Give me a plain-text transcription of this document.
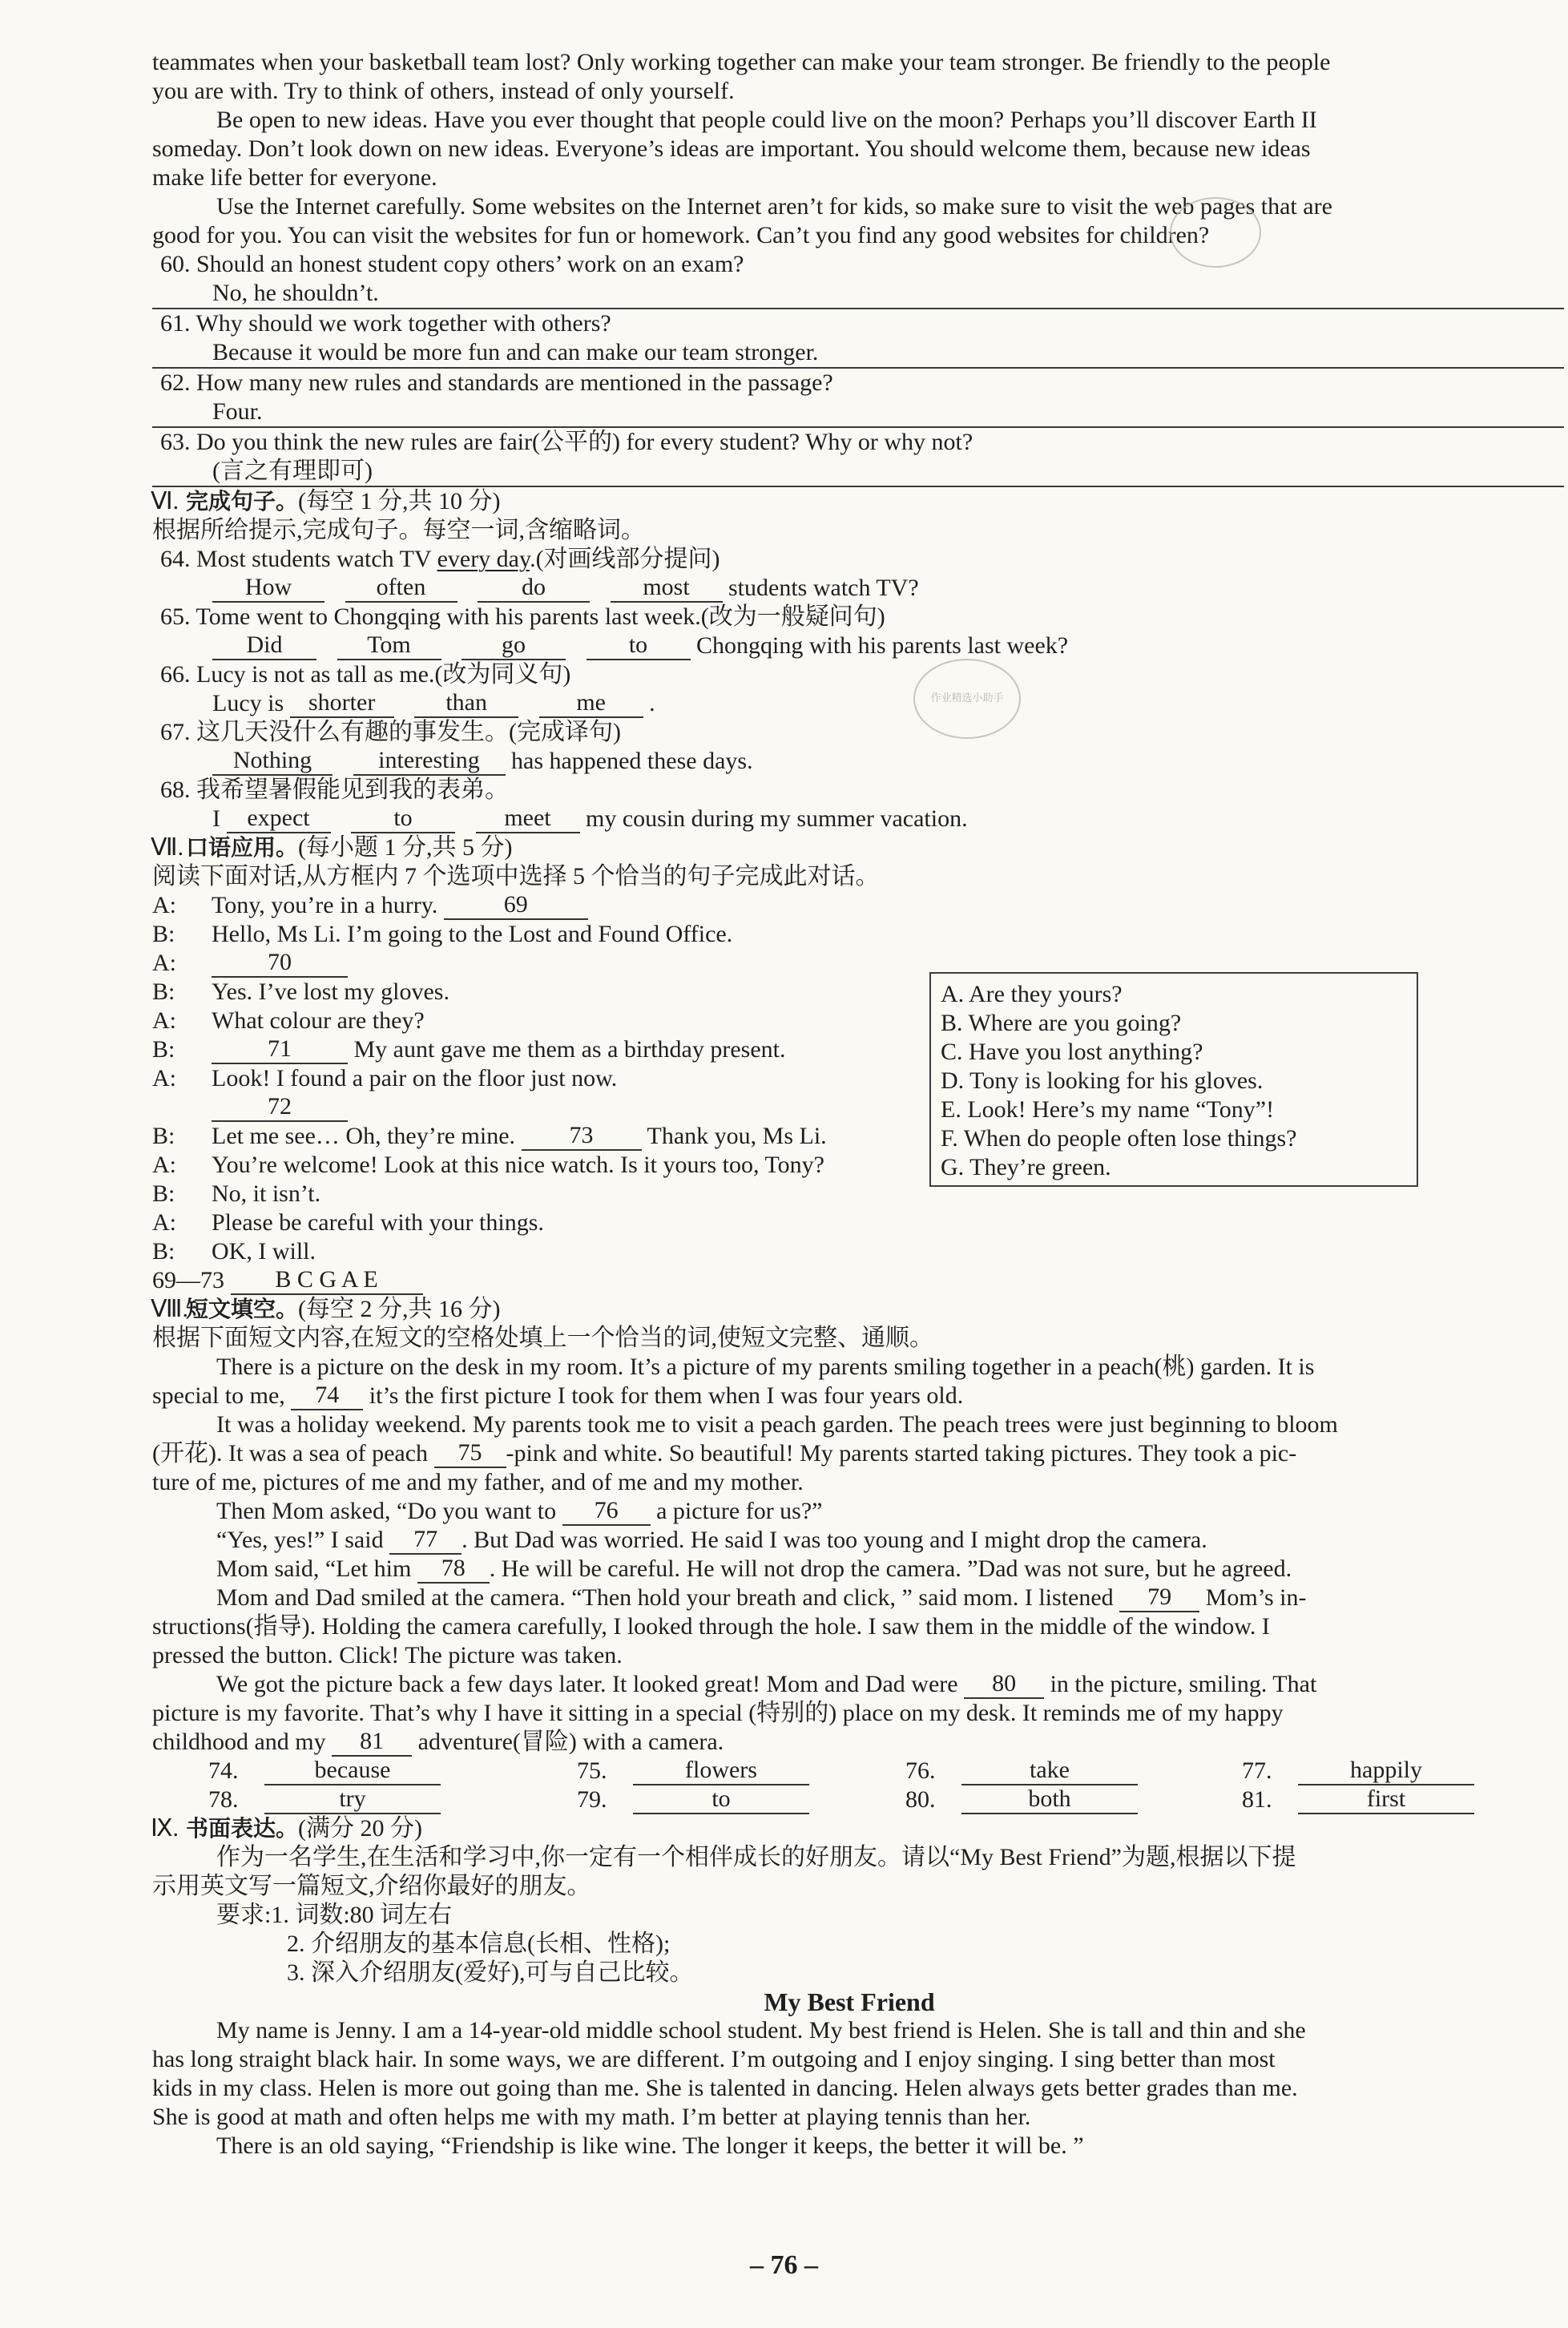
teammates when your basketball team lost? Only working together can make your team stronger. Be friendly to the people
you are with. Try to think of others, instead of only yourself.
Be open to new ideas. Have you ever thought that people could live on the moon? Perhaps you’ll discover Earth II
someday. Don’t look down on new ideas. Everyone’s ideas are important. You should welcome them, because new ideas
make life better for everyone.
Use the Internet carefully. Some websites on the Internet aren’t for kids, so make sure to visit the web pages that are
good for you. You can visit the websites for fun or homework. Can’t you find any good websites for children?
60. Should an honest student copy others’ work on an exam?
No, he shouldn’t.
61. Why should we work together with others?
Because it would be more fun and can make our team stronger.
62. How many new rules and standards are mentioned in the passage?
Four.
63. Do you think the new rules are fair(公平的) for every student? Why or why not?
(言之有理即可)
Ⅵ. 完成句子。(每空 1 分,共 10 分)
根据所给提示,完成句子。每空一词,含缩略词。
64. Most students watch TV every day.(对画线部分提问)
How	often	do	most students watch TV?
65. Tome went to Chongqing with his parents last week.(改为一般疑问句)
Did	Tom	go	to Chongqing with his parents last week?
66. Lucy is not as tall as me.(改为同义句)
Lucy is shorter	than	me .
67. 这几天没什么有趣的事发生。(完成译句)
Nothing	interesting has happened these days.
68. 我希望暑假能见到我的表弟。
I expect	to	meet my cousin during my summer vacation.
Ⅶ. 口语应用。(每小题 1 分,共 5 分)
阅读下面对话,从方框内 7 个选项中选择 5 个恰当的句子完成此对话。
A: Tony, you’re in a hurry.	69
B: Hello, Ms Li. I’m going to the Lost and Found Office.
A:	70
B: Yes. I’ve lost my gloves.
A: What colour are they?
B:	71	My aunt gave me them as a birthday present.
A: Look! I found a pair on the floor just now.
72
B: Let me see… Oh, they’re mine. 73 Thank you, Ms Li.
A: You’re welcome! Look at this nice watch. Is it yours too, Tony?
B: No, it isn’t.
A: Please be careful with your things.
B: OK, I will.
69—73 B C G A E
Ⅷ.短文填空。(每空 2 分,共 16 分)
根据下面短文内容,在短文的空格处填上一个恰当的词,使短文完整、通顺。
There is a picture on the desk in my room. It’s a picture of my parents smiling together in a peach(桃) garden. It is
special to me, 74 it’s the first picture I took for them when I was four years old.
It was a holiday weekend. My parents took me to visit a peach garden. The peach trees were just beginning to bloom
(开花). It was a sea of peach 75 -pink and white. So beautiful! My parents started taking pictures. They took a pic-
ture of me, pictures of me and my father, and of me and my mother.
Then Mom asked, “Do you want to 76 a picture for us?”
“Yes, yes!” I said 77 . But Dad was worried. He said I was too young and I might drop the camera.
Mom said, “Let him 78 . He will be careful. He will not drop the camera. ”Dad was not sure, but he agreed.
Mom and Dad smiled at the camera. “Then hold your breath and click, ” said mom. I listened 79 Mom’s in-
structions(指导). Holding the camera carefully, I looked through the hole. I saw them in the middle of the window. I
pressed the button. Click! The picture was taken.
We got the picture back a few days later. It looked great! Mom and Dad were 80 in the picture, smiling. That
picture is my favorite. That’s why I have it sitting in a special (特别的) place on my desk. It reminds me of my happy
childhood and my 81 adventure(冒险) with a camera.
74.	because	75.	flowers	76.	take	77.	happily
78.	try	79.	to	80.	both	81.	first
Ⅸ. 书面表达。(满分 20 分)
作为一名学生,在生活和学习中,你一定有一个相伴成长的好朋友。请以“My Best Friend”为题,根据以下提
示用英文写一篇短文,介绍你最好的朋友。
要求:1. 词数:80 词左右
2. 介绍朋友的基本信息(长相、性格);
3. 深入介绍朋友(爱好),可与自己比较。
My Best Friend
My name is Jenny. I am a 14-year-old middle school student. My best friend is Helen. She is tall and thin and she
has long straight black hair. In some ways, we are different. I’m outgoing and I enjoy singing. I sing better than most
kids in my class. Helen is more out going than me. She is talented in dancing. Helen always gets better grades than me.
She is good at math and often helps me with my math. I’m better at playing tennis than her.
There is an old saying, “Friendship is like wine. The longer it keeps, the better it will be. ”
A. Are they yours?
B. Where are you going?
C. Have you lost anything?
D. Tony is looking for his gloves.
E. Look! Here’s my name “Tony”!
F. When do people often lose things?
G. They’re green.
作业精选小助手
– 76 –
